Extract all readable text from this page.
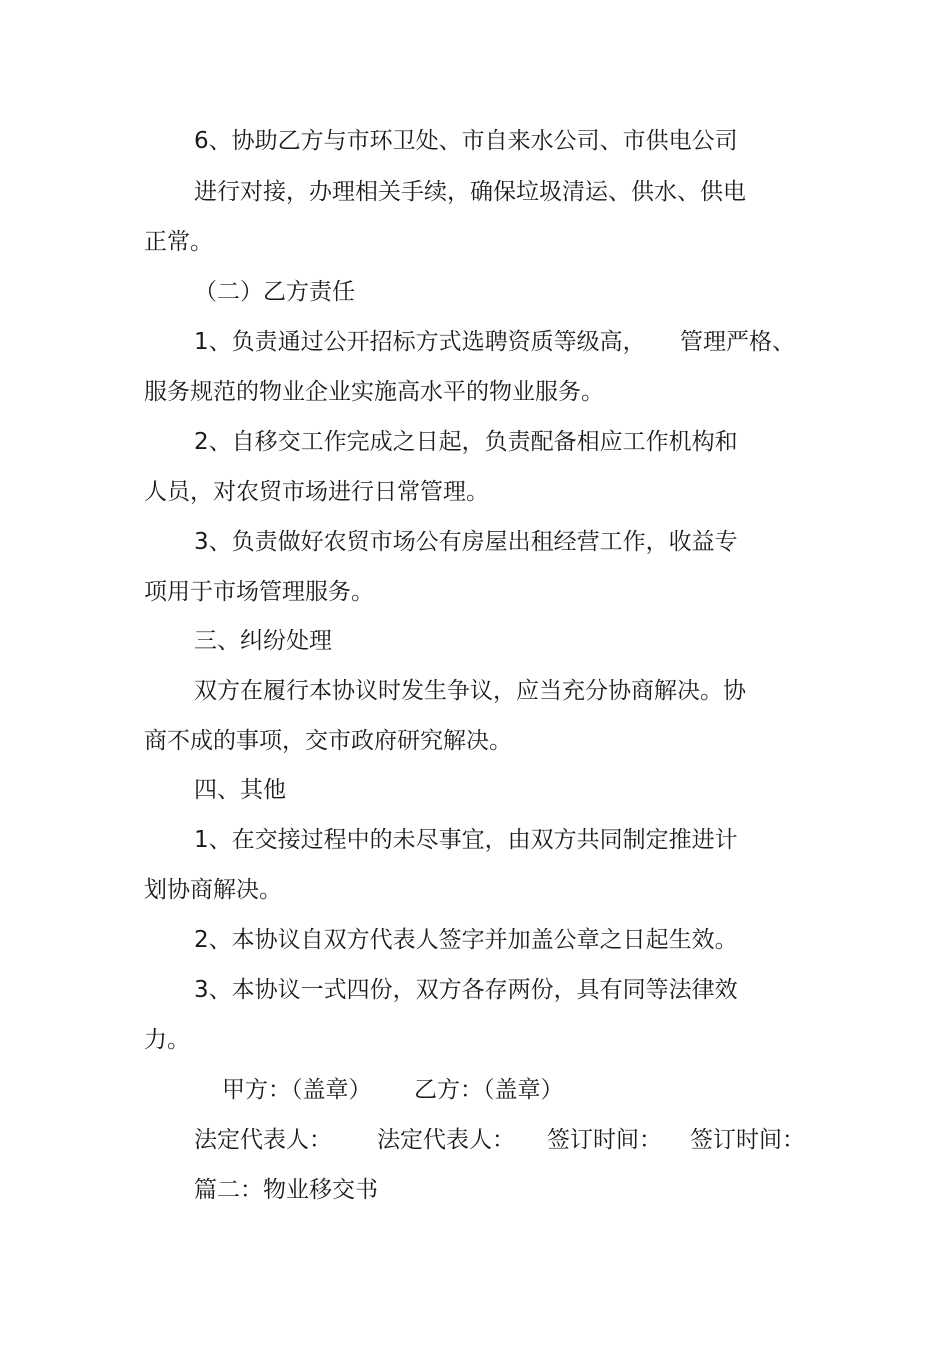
6、协助乙方与市环卫处、市自来水公司、市供电公司

进行对接，办理相关手续，确保垃圾清运、供水、供电

正常。

（二）乙方责任

1、负责通过公开招标方式选聘资质等级高， 管理严格、

服务规范的物业企业实施高水平的物业服务。

2、自移交工作完成之日起，负责配备相应工作机构和

人员，对农贸市场进行日常管理。

3、负责做好农贸市场公有房屋出租经营工作，收益专

项用于市场管理服务。

三、纠纷处理

双方在履行本协议时发生争议，应当充分协商解决。协

商不成的事项，交市政府研究解决。

四、其他

1、在交接过程中的未尽事宜，由双方共同制定推进计

划协商解决。

2、本协议自双方代表人签字并加盖公章之日起生效。

3、本协议一式四份，双方各存两份，具有同等法律效

力。

甲方：（盖章） 乙方：（盖章）

法定代表人： 法定代表人： 签订时间： 签订时间：

篇二：物业移交书
